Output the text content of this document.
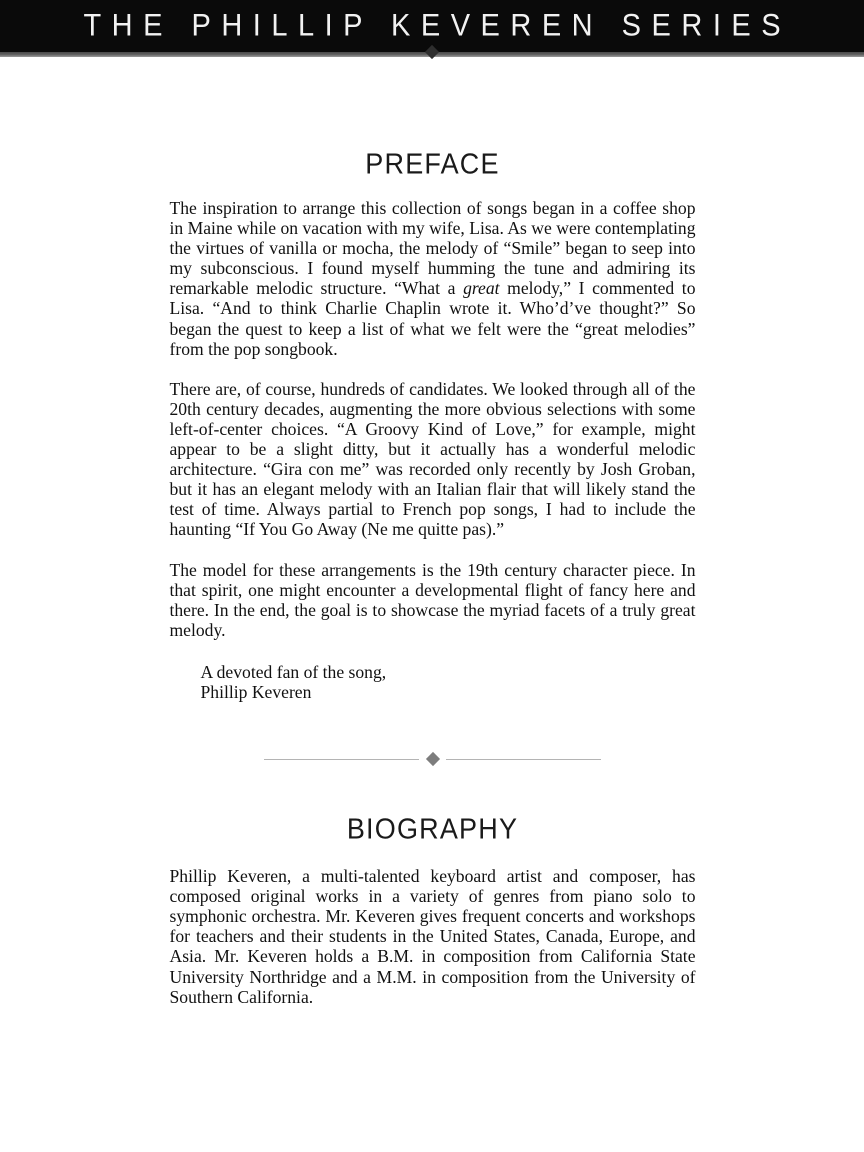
THE PHILLIP KEVEREN SERIES
PREFACE
The inspiration to arrange this collection of songs began in a coffee shop in Maine while on vacation with my wife, Lisa. As we were contemplating the virtues of vanilla or mocha, the melody of “Smile” began to seep into my subconscious. I found myself humming the tune and admiring its remarkable melodic structure. “What a great melody,” I commented to Lisa. “And to think Charlie Chaplin wrote it. Who’d’ve thought?” So began the quest to keep a list of what we felt were the “great melodies” from the pop songbook.
There are, of course, hundreds of candidates. We looked through all of the 20th century decades, augmenting the more obvious selections with some left-of-center choices. “A Groovy Kind of Love,” for example, might appear to be a slight ditty, but it actually has a wonderful melodic architecture. “Gira con me” was recorded only recently by Josh Groban, but it has an elegant melody with an Italian flair that will likely stand the test of time. Always partial to French pop songs, I had to include the haunting “If You Go Away (Ne me quitte pas).”
The model for these arrangements is the 19th century character piece. In that spirit, one might encounter a developmental flight of fancy here and there. In the end, the goal is to showcase the myriad facets of a truly great melody.
A devoted fan of the song,
Phillip Keveren
BIOGRAPHY
Phillip Keveren, a multi-talented keyboard artist and composer, has composed original works in a variety of genres from piano solo to symphonic orchestra. Mr. Keveren gives frequent concerts and workshops for teachers and their students in the United States, Canada, Europe, and Asia. Mr. Keveren holds a B.M. in composition from California State University Northridge and a M.M. in composition from the University of Southern California.
